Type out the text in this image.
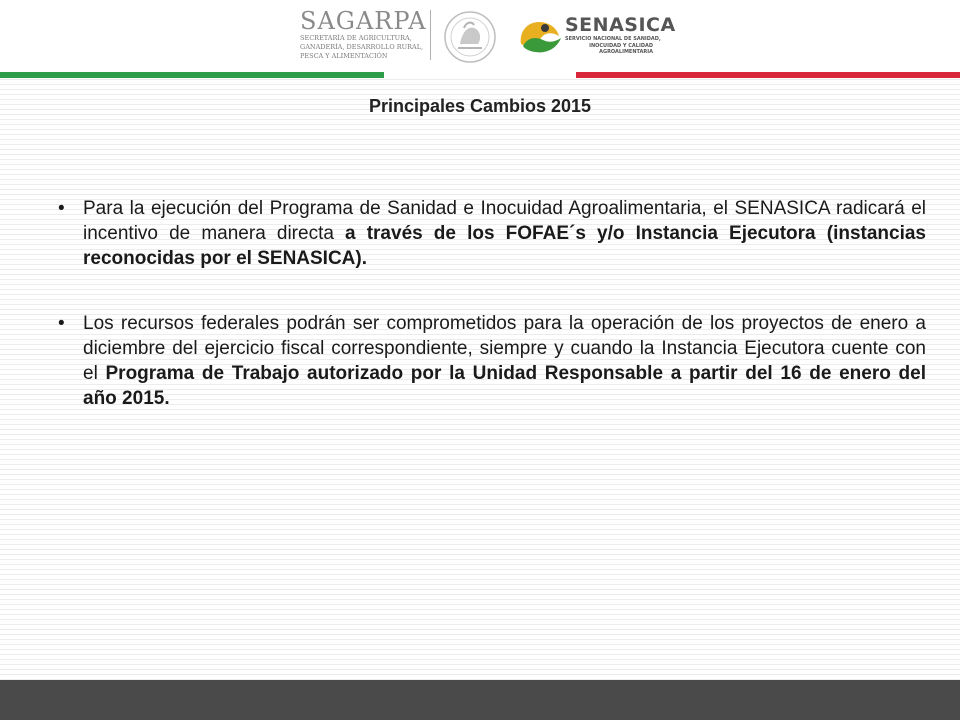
SAGARPA
SECRETARÍA DE AGRICULTURA,
GANADERÍA, DESARROLLO RURAL,
PESCA Y ALIMENTACIÓN
SENASICA
SERVICIO NACIONAL DE SANIDAD,
INOCUIDAD Y CALIDAD
AGROALIMENTARIA
Principales Cambios 2015
• Para la ejecución del Programa de Sanidad e Inocuidad Agroalimentaria, el SENASICA radicará el incentivo de manera directa a través de los FOFAE´s y/o Instancia Ejecutora (instancias reconocidas por el SENASICA).
• Los recursos federales podrán ser comprometidos para la operación de los proyectos de enero a diciembre del ejercicio fiscal correspondiente, siempre y cuando la Instancia Ejecutora cuente con el Programa de Trabajo autorizado por la Unidad Responsable a partir del 16 de enero del año 2015.
